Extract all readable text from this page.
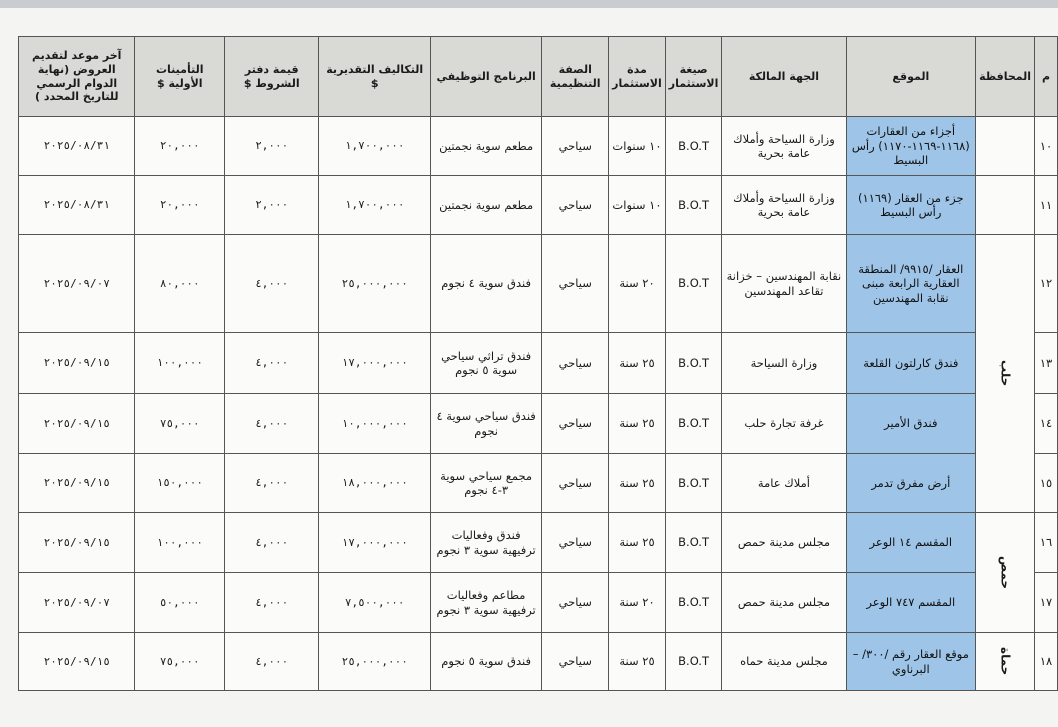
م	المحافظة	الموقع	الجهة المالكة	صيغة الاستثمار	مدة الاستثمار	الصفة التنظيمية	البرنامج التوظيفي	التكاليف التقديرية $	قيمة دفتر الشروط $	التأمينات الأولية $	آخر موعد لتقديم العروض (نهاية الدوام الرسمي للتاريخ المحدد )
١٠		أجزاء من العقارات (١١٦٨-١١٦٩-١١٧٠) رأس البسيط	وزارة السياحة وأملاك عامة بحرية	B.O.T	١٠ سنوات	سياحي	مطعم سوية نجمتين	١,٧٠٠,٠٠٠	٢,٠٠٠	٢٠,٠٠٠	٢٠٢٥/٠٨/٣١
١١		جزء من العقار (١١٦٩) رأس البسيط	وزارة السياحة وأملاك عامة بحرية	B.O.T	١٠ سنوات	سياحي	مطعم سوية نجمتين	١,٧٠٠,٠٠٠	٢,٠٠٠	٢٠,٠٠٠	٢٠٢٥/٠٨/٣١
١٢	حلب	العقار /٩٩١٥/ المنطقة العقارية الرابعة مبنى نقابة المهندسين	نقابة المهندسين – خزانة تقاعد المهندسين	B.O.T	٢٠ سنة	سياحي	فندق سوية ٤ نجوم	٢٥,٠٠٠,٠٠٠	٤,٠٠٠	٨٠,٠٠٠	٢٠٢٥/٠٩/٠٧
١٣		فندق كارلتون القلعة	وزارة السياحة	B.O.T	٢٥ سنة	سياحي	فندق تراثي سياحي سوية ٥ نجوم	١٧,٠٠٠,٠٠٠	٤,٠٠٠	١٠٠,٠٠٠	٢٠٢٥/٠٩/١٥
١٤		فندق الأمير	غرفة تجارة حلب	B.O.T	٢٥ سنة	سياحي	فندق سياحي سوية ٤ نجوم	١٠,٠٠٠,٠٠٠	٤,٠٠٠	٧٥,٠٠٠	٢٠٢٥/٠٩/١٥
١٥		أرض مفرق تدمر	أملاك عامة	B.O.T	٢٥ سنة	سياحي	مجمع سياحي سوية ٣-٤ نجوم	١٨,٠٠٠,٠٠٠	٤,٠٠٠	١٥٠,٠٠٠	٢٠٢٥/٠٩/١٥
١٦	حمص	المقسم ١٤ الوعر	مجلس مدينة حمص	B.O.T	٢٥ سنة	سياحي	فندق وفعاليات ترفيهية سوية ٣ نجوم	١٧,٠٠٠,٠٠٠	٤,٠٠٠	١٠٠,٠٠٠	٢٠٢٥/٠٩/١٥
١٧		المقسم ٧٤٧ الوعر	مجلس مدينة حمص	B.O.T	٢٠ سنة	سياحي	مطاعم وفعاليات ترفيهية سوية ٣ نجوم	٧,٥٠٠,٠٠٠	٤,٠٠٠	٥٠,٠٠٠	٢٠٢٥/٠٩/٠٧
١٨	حماة	موقع العقار رقم /٣٠٠/ – البرناوي	مجلس مدينة حماه	B.O.T	٢٥ سنة	سياحي	فندق سوية ٥ نجوم	٢٥,٠٠٠,٠٠٠	٤,٠٠٠	٧٥,٠٠٠	٢٠٢٥/٠٩/١٥
